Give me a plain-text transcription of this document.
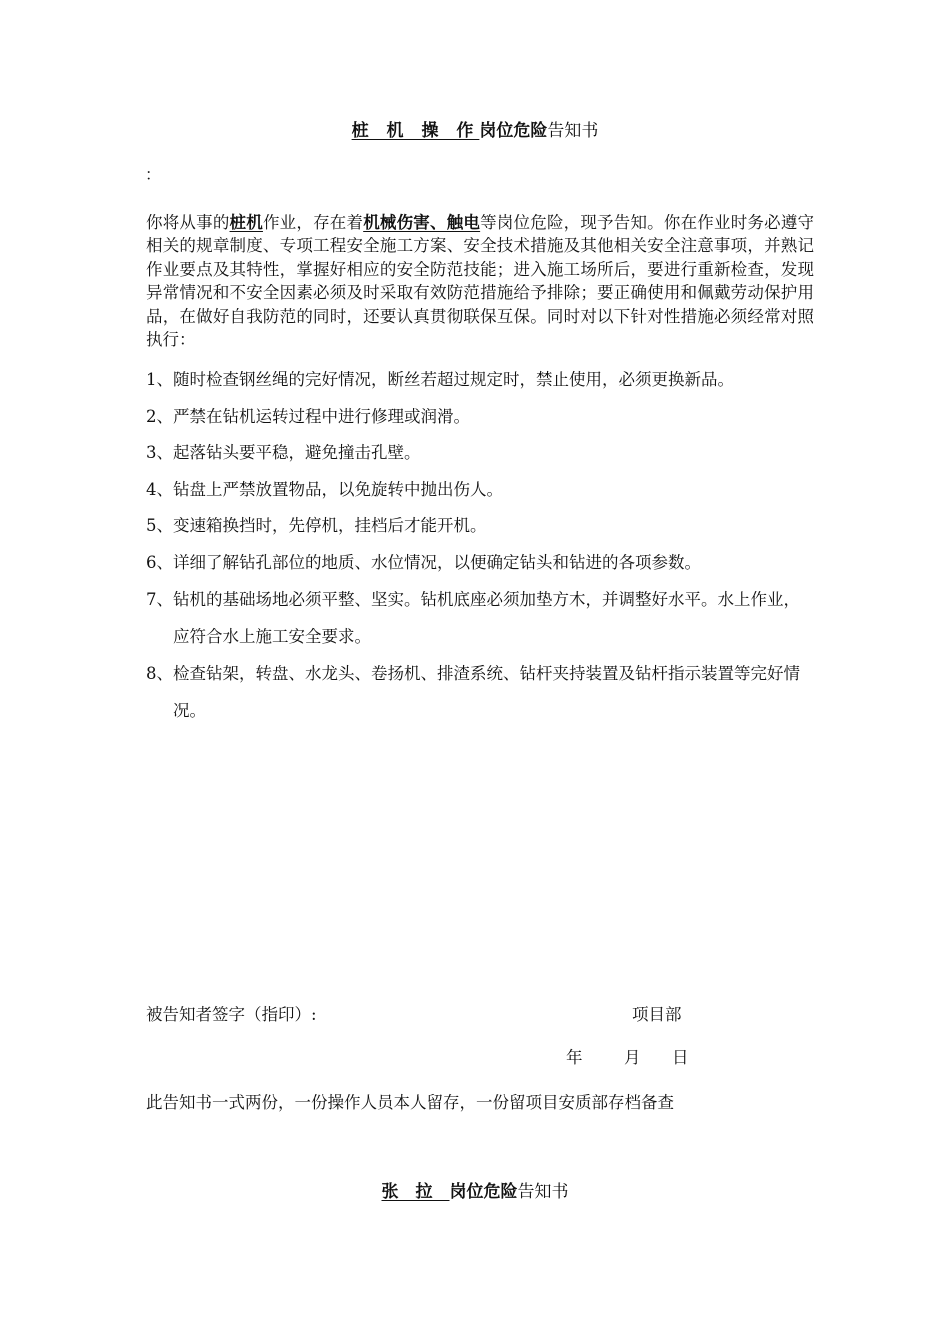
桩 机 操 作岗位危险告知书
：

你将从事的桩机作业，存在着机械伤害、触电等岗位危险，现予告知。你在作业时务必遵守相关的规章制度、专项工程安全施工方案、安全技术措施及其他相关安全注意事项，并熟记作业要点及其特性，掌握好相应的安全防范技能；进入施工场所后，要进行重新检查，发现异常情况和不安全因素必须及时采取有效防范措施给予排除；要正确使用和佩戴劳动保护用品，在做好自我防范的同时，还要认真贯彻联保互保。同时对以下针对性措施必须经常对照执行：

1、随时检查钢丝绳的完好情况，断丝若超过规定时，禁止使用，必须更换新品。
2、严禁在钻机运转过程中进行修理或润滑。
3、起落钻头要平稳，避免撞击孔壁。
4、钻盘上严禁放置物品，以免旋转中抛出伤人。
5、变速箱换挡时，先停机，挂档后才能开机。
6、详细了解钻孔部位的地质、水位情况，以便确定钻头和钻进的各项参数。
7、钻机的基础场地必须平整、坚实。钻机底座必须加垫方木，并调整好水平。水上作业，应符合水上施工安全要求。
8、检查钻架，转盘、水龙头、卷扬机、排渣系统、钻杆夹持装置及钻杆指示装置等完好情况。
被告知者签字（指印）:	项目部
年	月 日
此告知书一式两份，一份操作人员本人留存，一份留项目安质部存档备查
张　拉　岗位危险告知书
